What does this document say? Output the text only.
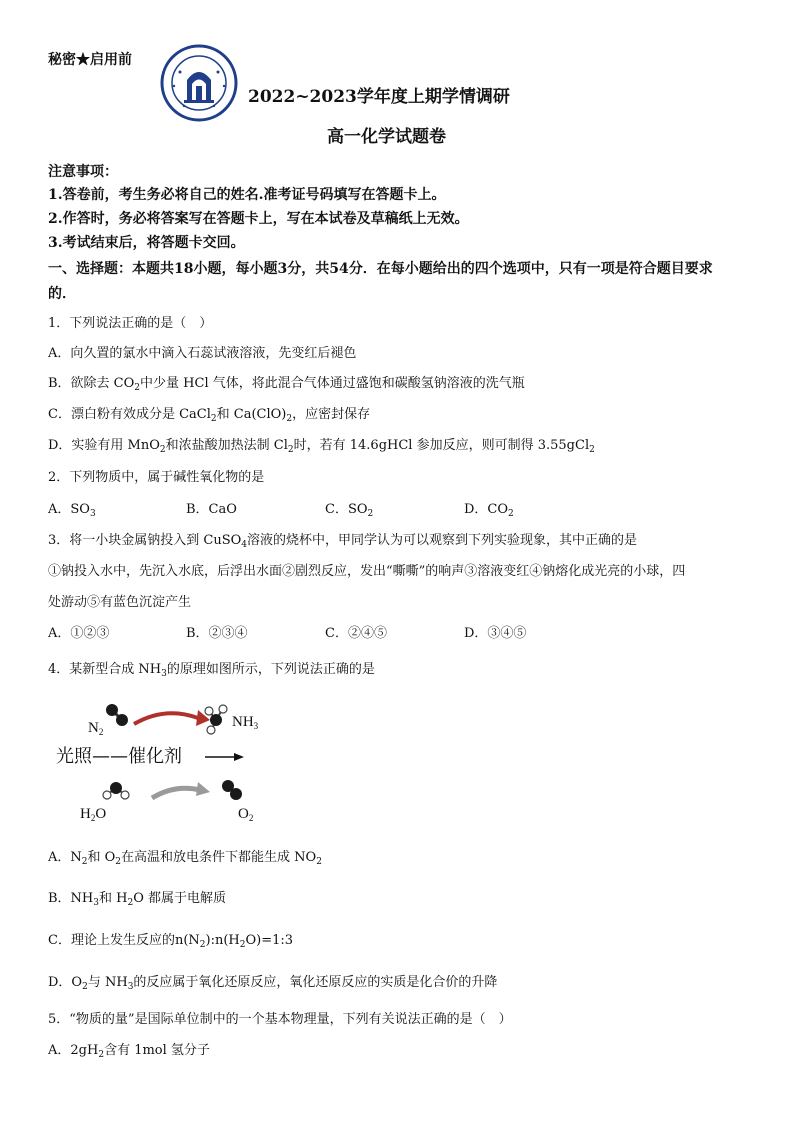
秘密★启用前
2022~2023学年度上期学情调研
高一化学试题卷
注意事项：
1.答卷前，考生务必将自己的姓名.准考证号码填写在答题卡上。
2.作答时，务必将答案写在答题卡上，写在本试卷及草稿纸上无效。
3.考试结束后，将答题卡交回。
一、选择题：本题共18小题，每小题3分，共54分．在每小题给出的四个选项中，只有一项是符合题目要求
的．
1．下列说法正确的是（　）
A．向久置的氯水中滴入石蕊试液溶液，先变红后褪色
B．欲除去 $CO_2$中少量 HCl 气体，将此混合气体通过盛饱和碳酸氢钠溶液的洗气瓶
C．漂白粉有效成分是 CaCl$_2$和 $Ca(ClO)_2$，应密封保存
D．实验有用 MnO$_2$和浓盐酸加热法制 $Cl_2$时，若有 14.6gHCl 参加反应，则可制得 3.55gCl$_2$
2．下列物质中，属于碱性氧化物的是
A．$SO_3$	B．CaO	C．$SO_2$	D．$CO_2$
3．将一小块金属钠投入到 CuSO$_4$溶液的烧杯中，甲同学认为可以观察到下列实验现象，其中正确的是
①钠投入水中，先沉入水底，后浮出水面②剧烈反应，发出“嘶嘶”的响声③溶液变红④钠熔化成光亮的小球，四
处游动⑤有蓝色沉淀产生
A．①②③	B．②③④	C．②④⑤	D．③④⑤
4．某新型合成 $NH_3$的原理如图所示，下列说法正确的是
$N_2$
$NH_3$
光照——催化剂
$H_2O$	$O_2$
A．$N_2$和 $O_2$在高温和放电条件下都能生成 $NO_2$
B．$NH_3$和 $H_2O$ 都属于电解质
C．理论上发生反应的$n(N_2):n(H_2O)=1:3$
D．$O_2$与 $NH_3$的反应属于氧化还原反应，氧化还原反应的实质是化合价的升降
5．“物质的量”是国际单位制中的一个基本物理量，下列有关说法正确的是（　）
A．$2gH_2$含有 1mol 氢分子
